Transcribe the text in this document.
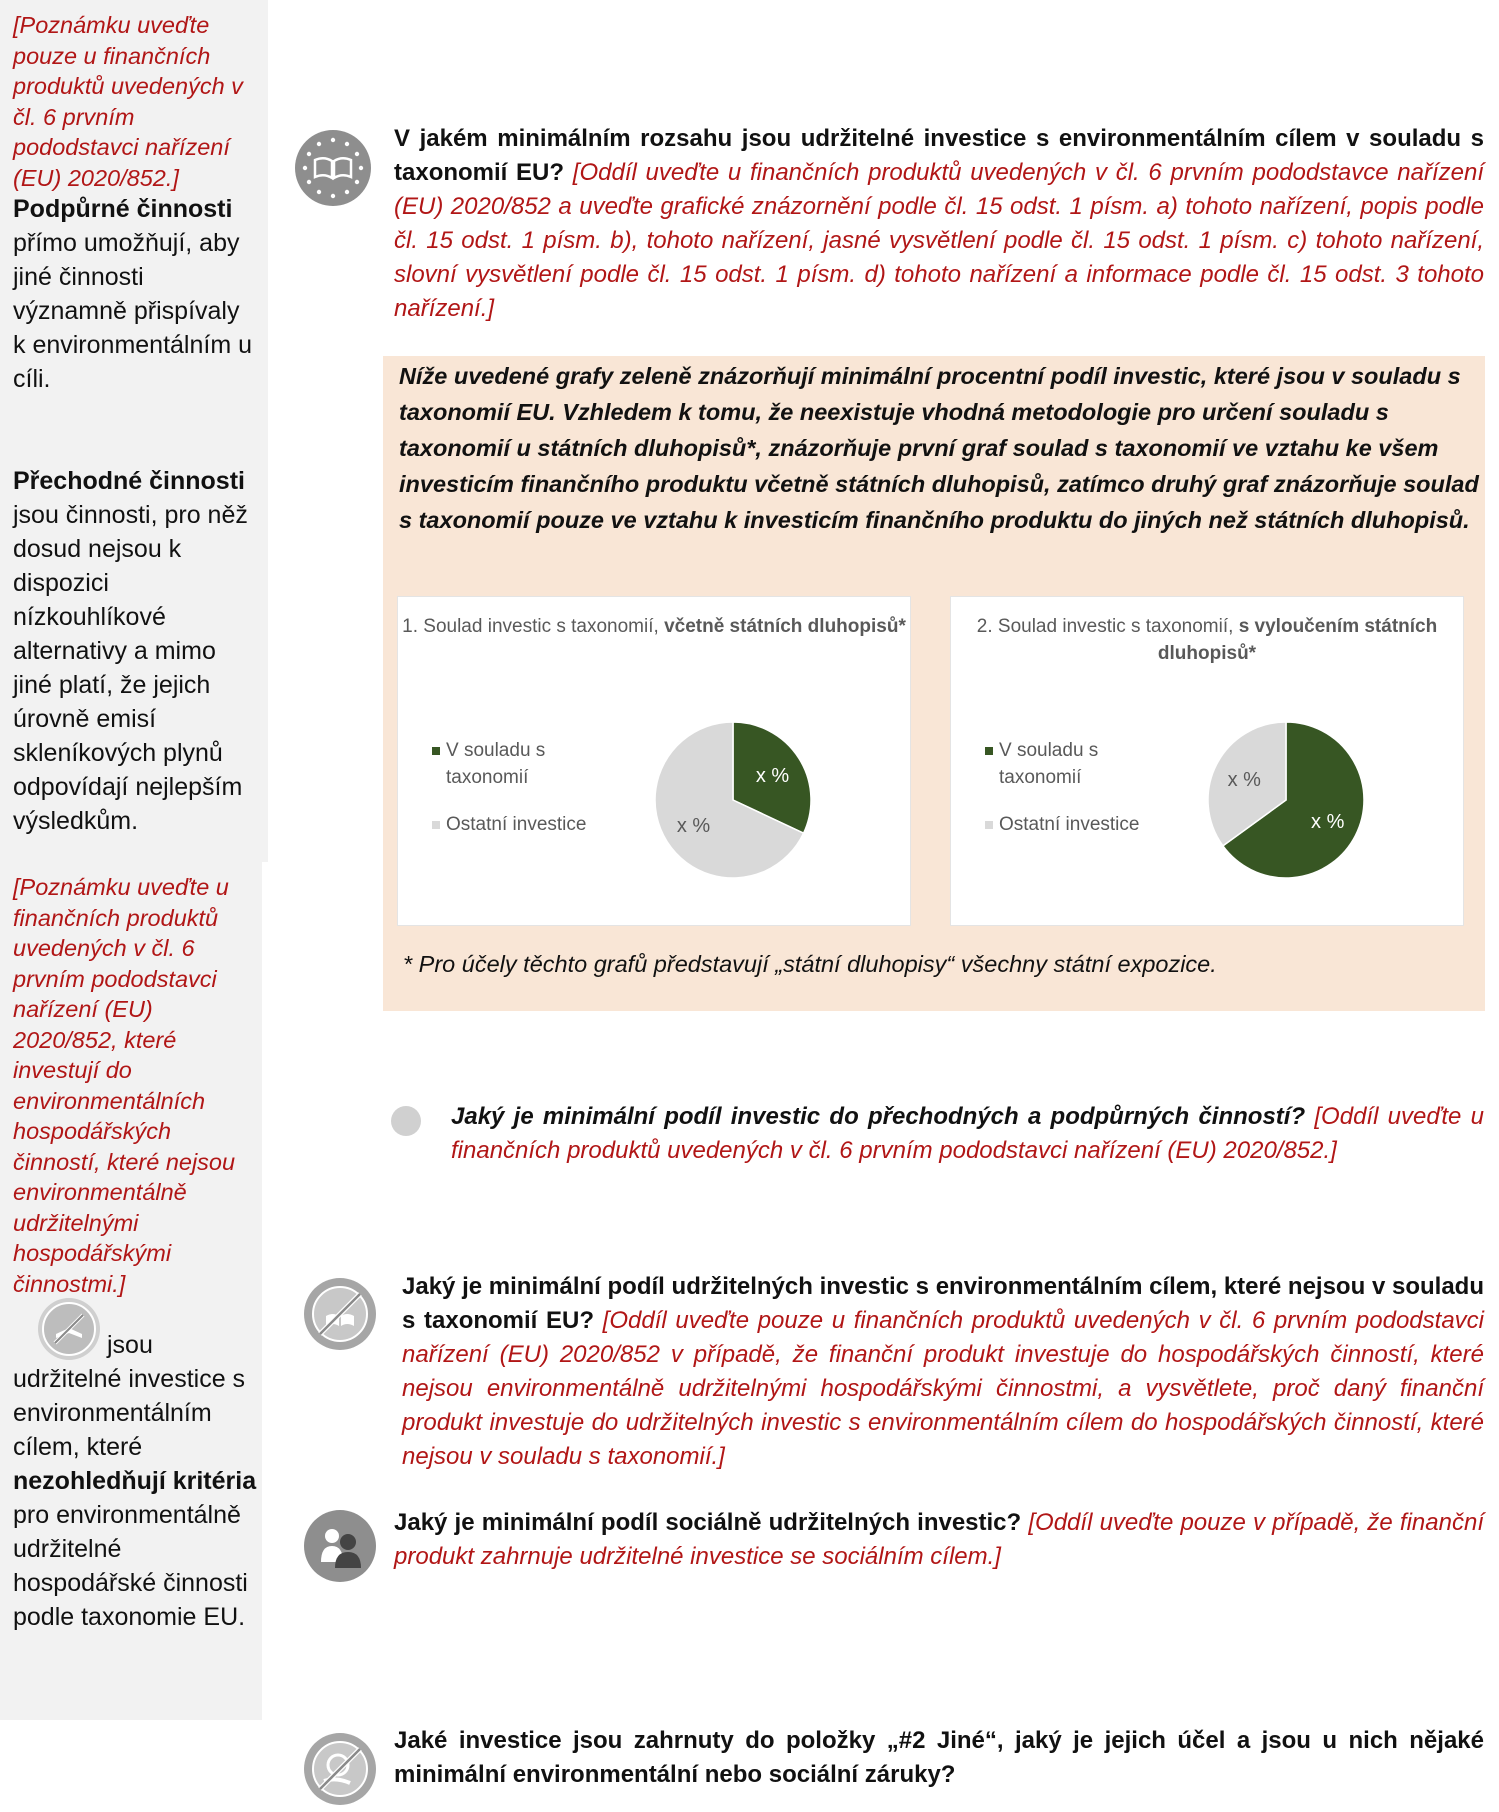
[Poznámku uveďte pouze u finančních produktů uvedených v čl. 6 prvním pododstavci nařízení (EU) 2020/852.]
Podpůrné činnosti přímo umožňují, aby jiné činnosti významně přispívaly k environmentálním u cíli.
Přechodné činnosti jsou činnosti, pro něž dosud nejsou k dispozici nízkouhlíkové alternativy a mimo jiné platí, že jejich úrovně emisí skleníkových plynů odpovídají nejlepším výsledkům.
[Poznámku uveďte u finančních produktů uvedených v čl. 6 prvním pododstavci nařízení (EU) 2020/852, které investují do environmentálních hospodářských činností, které nejsou environmentálně udržitelnými hospodářskými činnostmi.]
jsou udržitelné investice s environmentálním cílem, které nezohledňují kritéria pro environmentálně udržitelné hospodářské činnosti podle taxonomie EU.
V jakém minimálním rozsahu jsou udržitelné investice s environmentálním cílem v souladu s taxonomií EU? [Oddíl uveďte u finančních produktů uvedených v čl. 6 prvním pododstavce nařízení (EU) 2020/852 a uveďte grafické znázornění podle čl. 15 odst. 1 písm. a) tohoto nařízení, popis podle čl. 15 odst. 1 písm. b), tohoto nařízení, jasné vysvětlení podle čl. 15 odst. 1 písm. c) tohoto nařízení, slovní vysvětlení podle čl. 15 odst. 1 písm. d) tohoto nařízení a informace podle čl. 15 odst. 3 tohoto nařízení.]
Níže uvedené grafy zeleně znázorňují minimální procentní podíl investic, které jsou v souladu s taxonomií EU. Vzhledem k tomu, že neexistuje vhodná metodologie pro určení souladu s taxonomií u státních dluhopisů*, znázorňuje první graf soulad s taxonomií ve vztahu ke všem investicím finančního produktu včetně státních dluhopisů, zatímco druhý graf znázorňuje soulad s taxonomií pouze ve vztahu k investicím finančního produktu do jiných než státních dluhopisů.
1. Soulad investic s taxonomií, včetně státních dluhopisů*
V souladu s taxonomií
Ostatní investice
x %
x %
2. Soulad investic s taxonomií, s vyloučením státních dluhopisů*
V souladu s taxonomií
Ostatní investice	x %
x %
* Pro účely těchto grafů představují „státní dluhopisy“ všechny státní expozice.
Jaký je minimální podíl investic do přechodných a podpůrných činností? [Oddíl uveďte u finančních produktů uvedených v čl. 6 prvním pododstavci nařízení (EU) 2020/852.]
Jaký je minimální podíl udržitelných investic s environmentálním cílem, které nejsou v souladu s taxonomií EU? [Oddíl uveďte pouze u finančních produktů uvedených v čl. 6 prvním pododstavci nařízení (EU) 2020/852 v případě, že finanční produkt investuje do hospodářských činností, které nejsou environmentálně udržitelnými hospodářskými činnostmi, a vysvětlete, proč daný finanční produkt investuje do udržitelných investic s environmentálním cílem do hospodářských činností, které nejsou v souladu s taxonomií.]
Jaký je minimální podíl sociálně udržitelných investic? [Oddíl uveďte pouze v případě, že finanční produkt zahrnuje udržitelné investice se sociálním cílem.]
Jaké investice jsou zahrnuty do položky „#2 Jiné“, jaký je jejich účel a jsou u nich nějaké minimální environmentální nebo sociální záruky?
